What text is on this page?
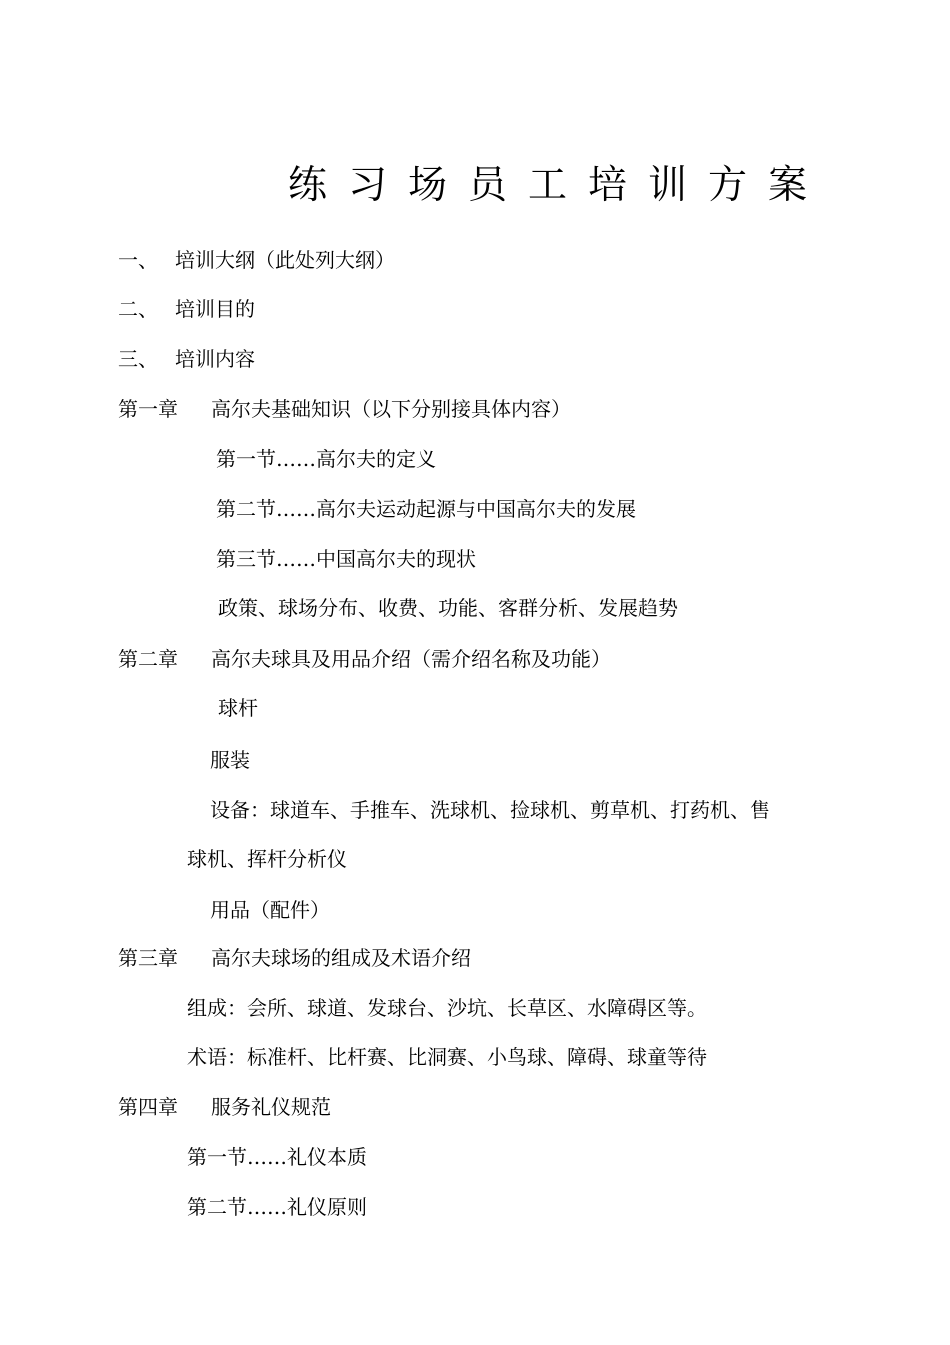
练习场员工培训方案
一、 培训大纲（此处列大纲）
二、 培训目的
三、 培训内容
第一章 高尔夫基础知识（以下分别接具体内容）
第一节……高尔夫的定义
第二节……高尔夫运动起源与中国高尔夫的发展
第三节……中国高尔夫的现状
政策、球场分布、收费、功能、客群分析、发展趋势
第二章 高尔夫球具及用品介绍（需介绍名称及功能）
球杆
服装
设备：球道车、手推车、洗球机、捡球机、剪草机、打药机、售
球机、挥杆分析仪
用品（配件）
第三章 高尔夫球场的组成及术语介绍
组成：会所、球道、发球台、沙坑、长草区、水障碍区等。
术语：标准杆、比杆赛、比洞赛、小鸟球、障碍、球童等待
第四章 服务礼仪规范
第一节……礼仪本质
第二节……礼仪原则
